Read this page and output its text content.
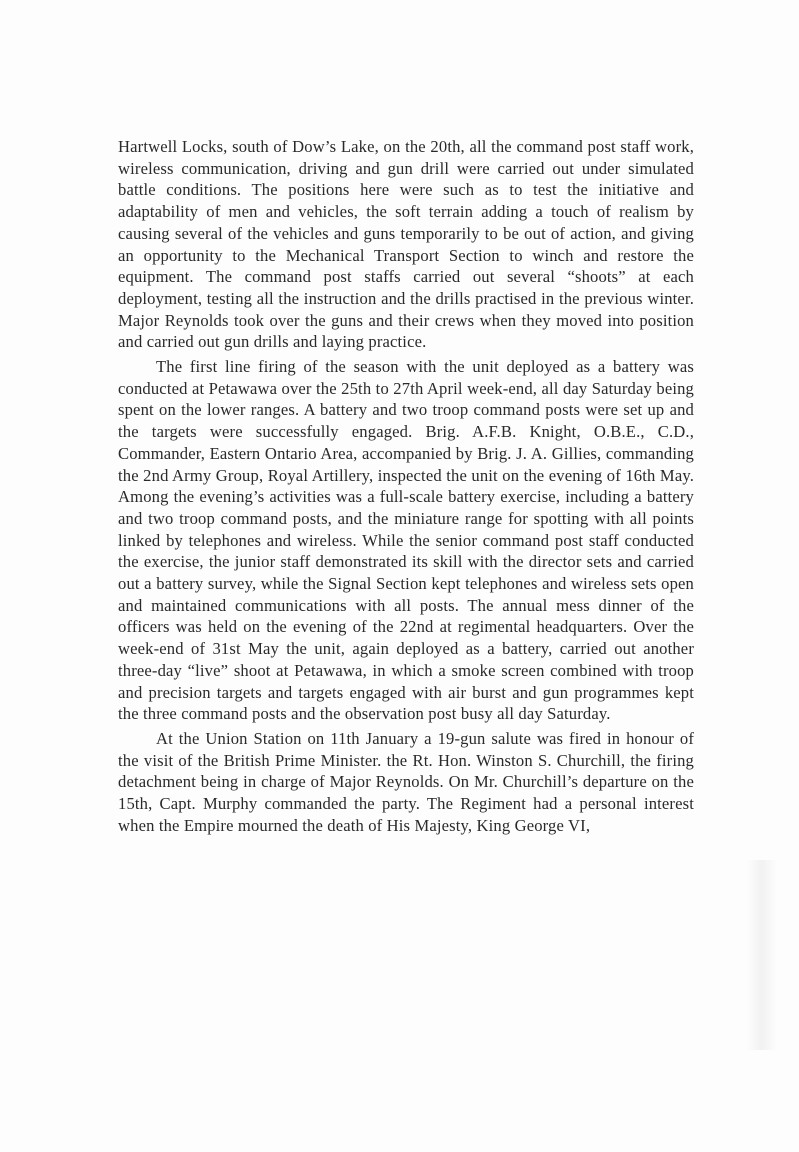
Hartwell Locks, south of Dow’s Lake, on the 20th, all the command post staff work, wireless communication, driving and gun drill were carried out under simulated battle conditions. The positions here were such as to test the initiative and adaptability of men and vehicles, the soft terrain adding a touch of realism by causing several of the vehicles and guns temporarily to be out of action, and giving an opportunity to the Mechanical Transport Section to winch and restore the equipment. The command post staffs carried out several “shoots” at each deployment, testing all the instruction and the drills practised in the previous winter. Major Reynolds took over the guns and their crews when they moved into position and carried out gun drills and laying practice.

The first line firing of the season with the unit deployed as a battery was conducted at Petawawa over the 25th to 27th April week-end, all day Saturday being spent on the lower ranges. A battery and two troop command posts were set up and the targets were successfully engaged. Brig. A.F.B. Knight, O.B.E., C.D., Commander, Eastern Ontario Area, accompanied by Brig. J. A. Gillies, commanding the 2nd Army Group, Royal Artillery, inspected the unit on the evening of 16th May. Among the evening’s activities was a full-scale battery exercise, including a battery and two troop command posts, and the miniature range for spotting with all points linked by telephones and wireless. While the senior command post staff conducted the exercise, the junior staff demonstrated its skill with the director sets and carried out a battery survey, while the Signal Section kept telephones and wireless sets open and maintained communications with all posts. The annual mess dinner of the officers was held on the evening of the 22nd at regimental headquarters. Over the week-end of 31st May the unit, again deployed as a battery, carried out another three-day “live” shoot at Petawawa, in which a smoke screen combined with troop and precision targets and targets engaged with air burst and gun programmes kept the three command posts and the observation post busy all day Saturday.

At the Union Station on 11th January a 19-gun salute was fired in honour of the visit of the British Prime Minister. the Rt. Hon. Winston S. Churchill, the firing detachment being in charge of Major Reynolds. On Mr. Churchill’s departure on the 15th, Capt. Murphy commanded the party. The Regiment had a personal interest when the Empire mourned the death of His Majesty, King George VI,
